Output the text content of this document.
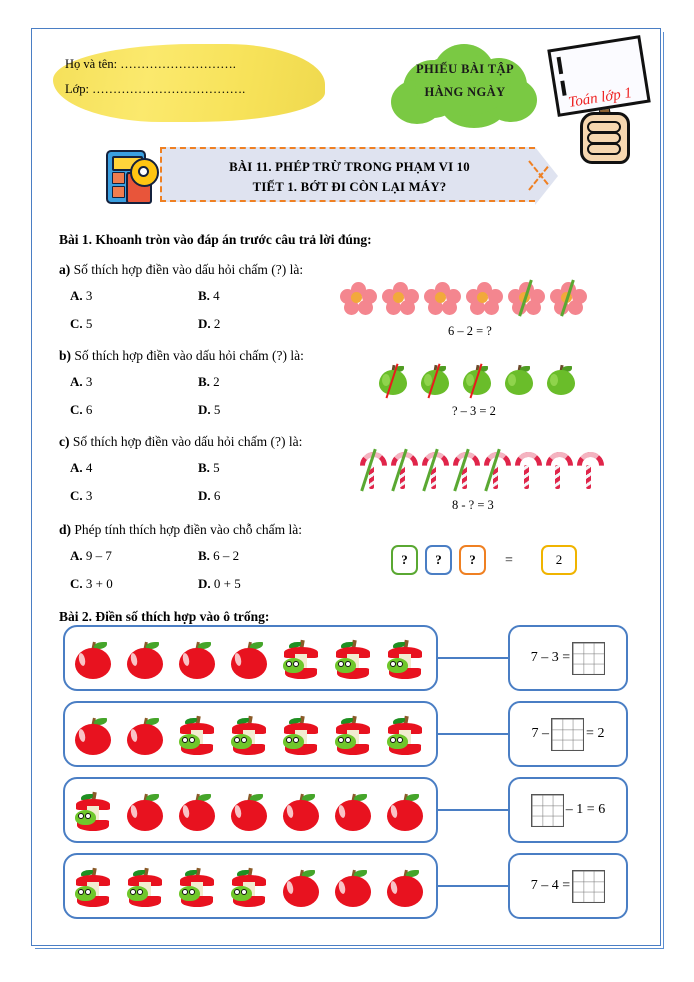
Họ và tên: ……………………….
Lớp: ……………………………….
PHIẾU BÀI TẬP
HÀNG NGÀY	Toán lớp 1
BÀI 11. PHÉP TRỪ TRONG PHẠM VI 10
TIẾT 1. BỚT ĐI CÒN LẠI MÁY?
Bài 1. Khoanh tròn vào đáp án trước câu trả lời đúng:
a) Số thích hợp điền vào dấu hỏi chấm (?) là:
A. 3	B. 4
C. 5	D. 2	6 – 2 = ?
b) Số thích hợp điền vào dấu hỏi chấm (?) là:
A. 3	B. 2
C. 6	D. 5	? – 3 = 2
c) Số thích hợp điền vào dấu hỏi chấm (?) là:
A. 4	B. 5
C. 3	D. 6
8 - ? = 3
d) Phép tính thích hợp điền vào chỗ chấm là:
A. 9 – 7	B. 6 – 2
C. 3 + 0	D. 0 + 5
?	?	?	=	2
Bài 2. Điền số thích hợp vào ô trống:
7 – 3 =
7 –	= 2
– 1 = 6
7 – 4 =
